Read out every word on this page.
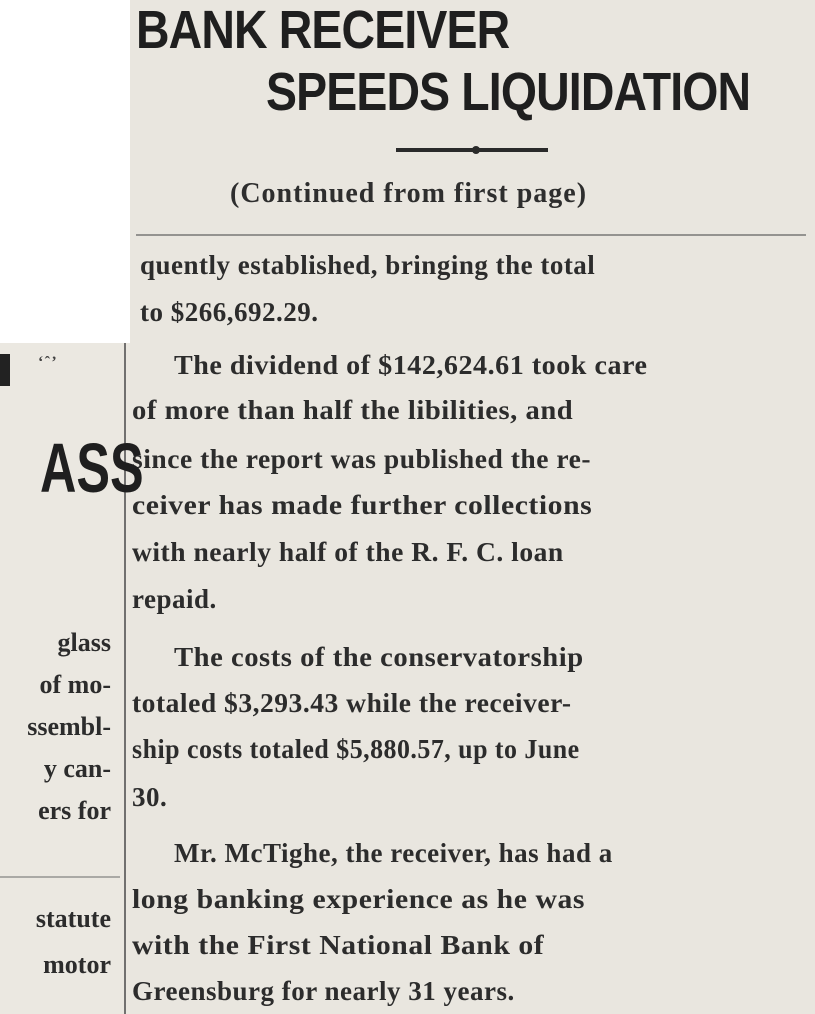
BANK RECEIVER
SPEEDS LIQUIDATION

(Continued from first page)

quently established, bringing the total

to $266,692.29.

The dividend of $142,624.61 took care

of more than half the libilities, and

since the report was published the re-

ceiver has made further collections

with nearly half of the R. F. C. loan

repaid.

The costs of the conservatorship

totaled $3,293.43 while the receiver-

ship costs totaled $5,880.57, up to June

30.

Mr. McTighe, the receiver, has had a

long banking experience as he was

with the First National Bank of

Greensburg for nearly 31 years.

ʻ ̂ ʼ

ASS

glass

of mo-

ssembl-

y can-

ers for

statute

motor
